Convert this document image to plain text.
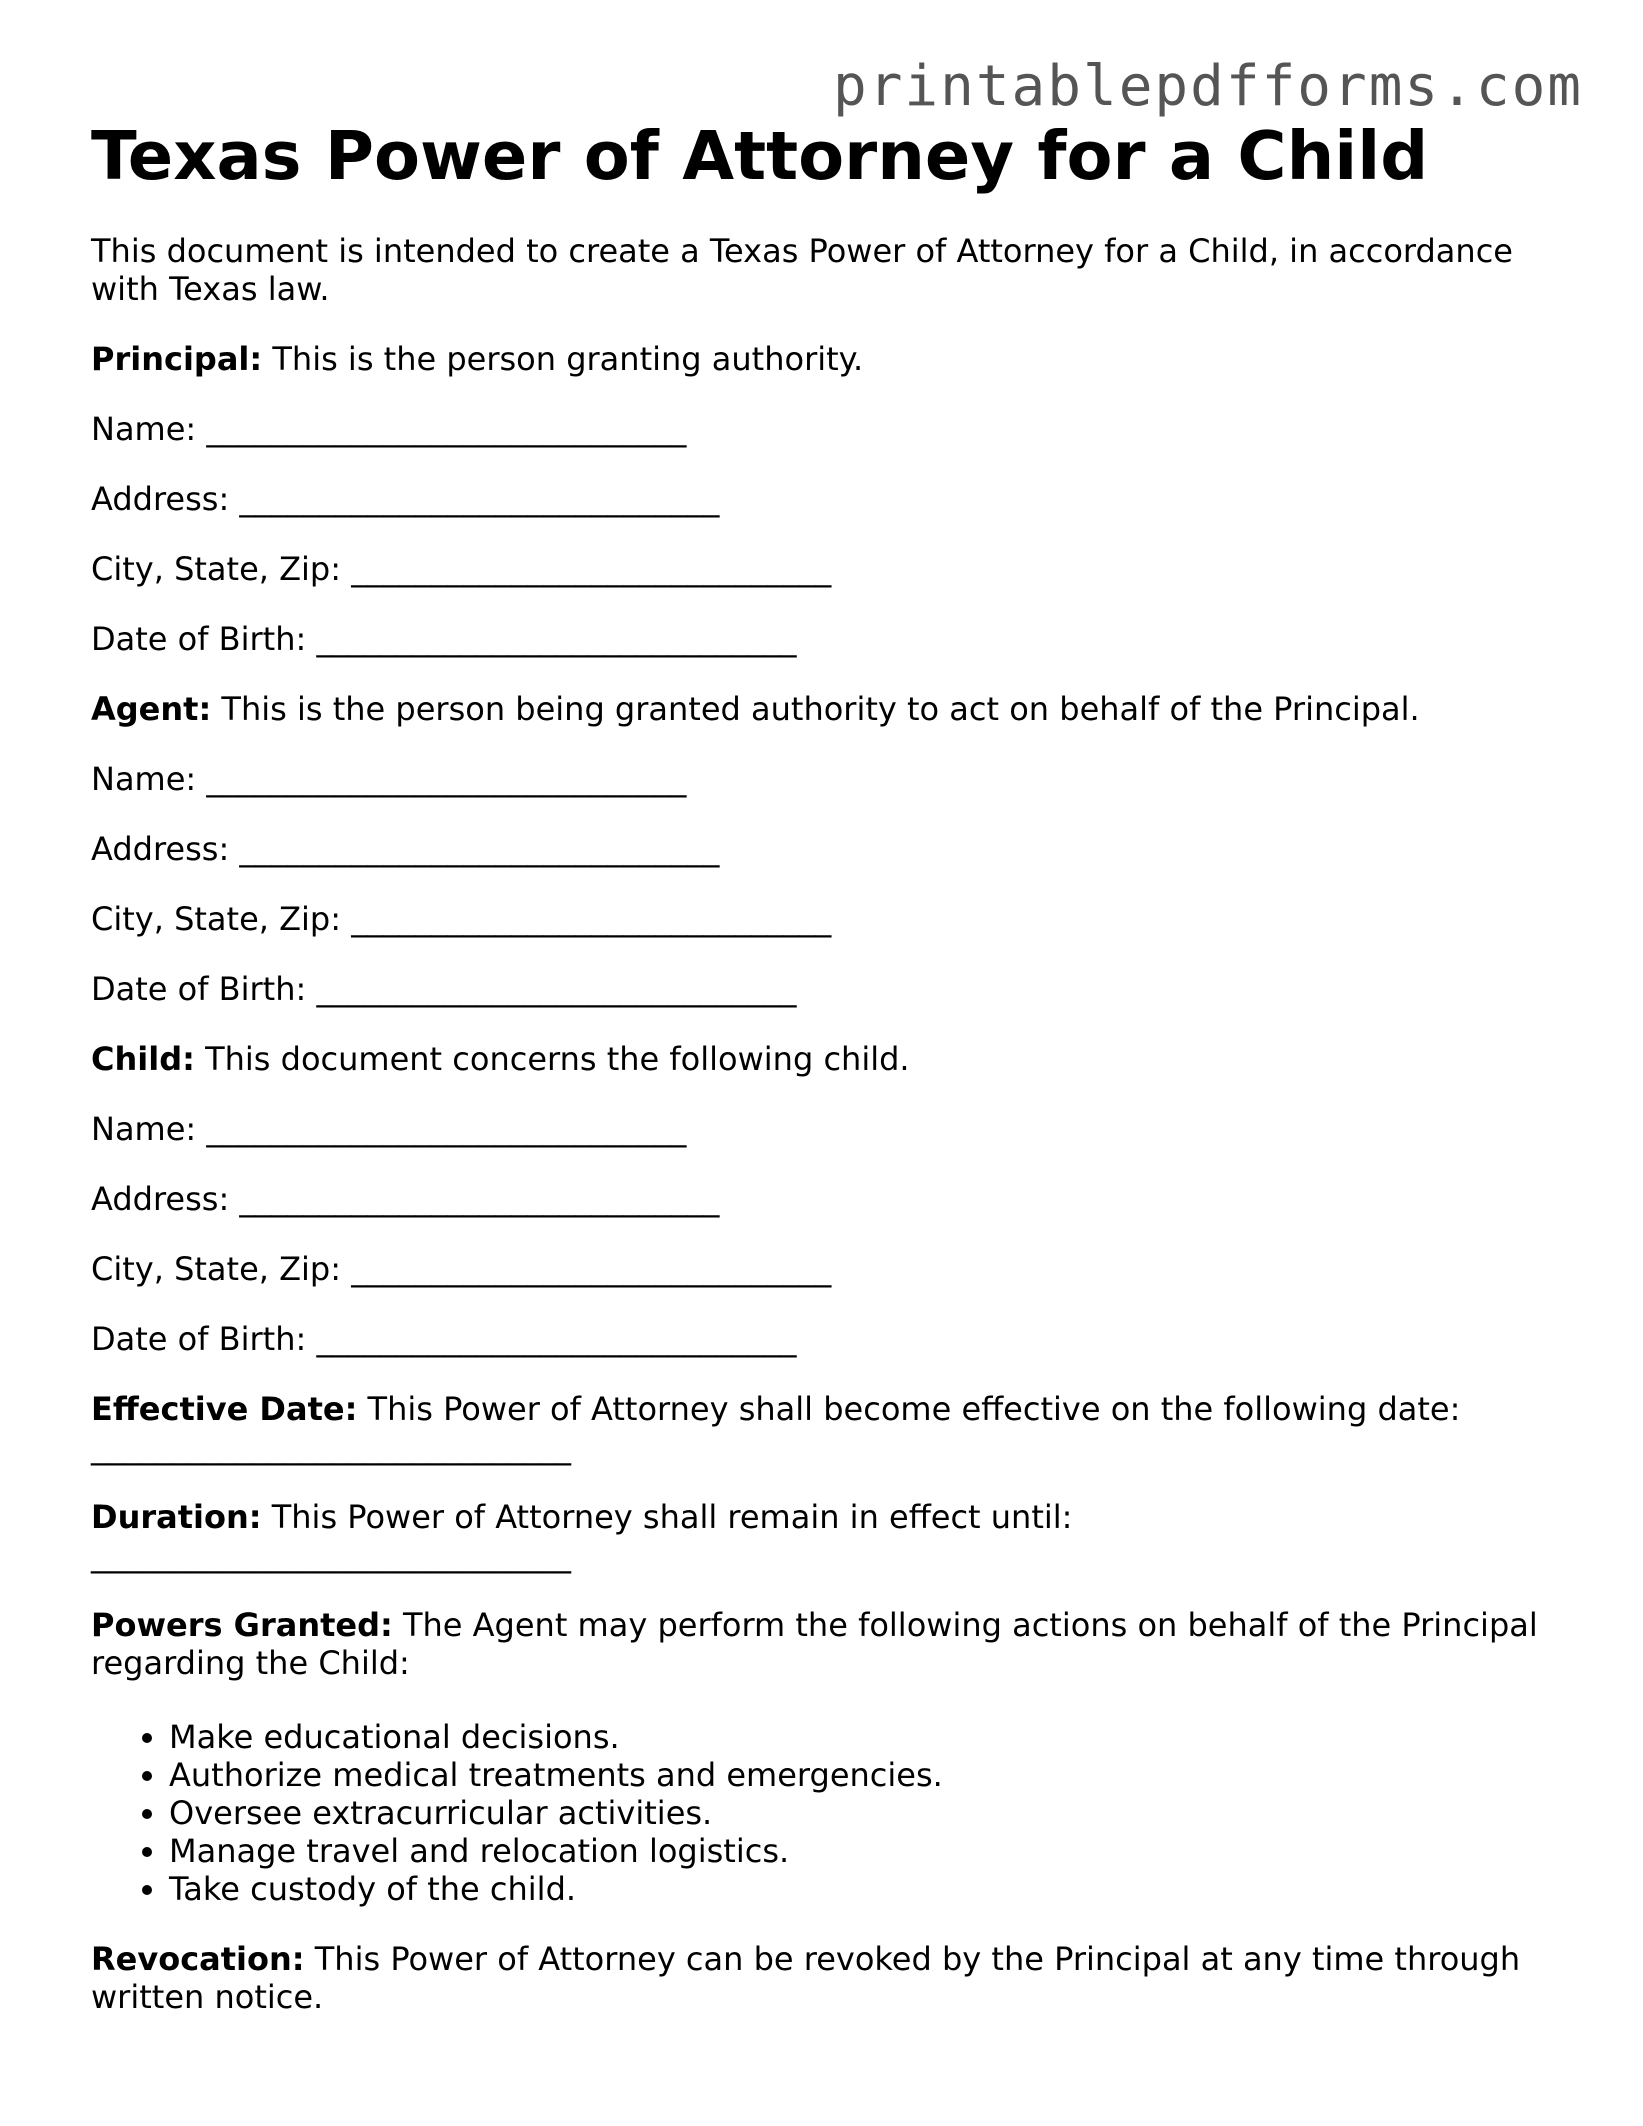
printablepdfforms.com
Texas Power of Attorney for a Child

This document is intended to create a Texas Power of Attorney for a Child, in accordance with Texas law.

Principal: This is the person granting authority.

Name: ______________________________

Address: ______________________________

City, State, Zip: ______________________________

Date of Birth: ______________________________

Agent: This is the person being granted authority to act on behalf of the Principal.

Name: ______________________________

Address: ______________________________

City, State, Zip: ______________________________

Date of Birth: ______________________________

Child: This document concerns the following child.

Name: ______________________________

Address: ______________________________

City, State, Zip: ______________________________

Date of Birth: ______________________________

Effective Date: This Power of Attorney shall become effective on the following date:
______________________________

Duration: This Power of Attorney shall remain in effect until:
______________________________

Powers Granted: The Agent may perform the following actions on behalf of the Principal regarding the Child:

• Make educational decisions.
• Authorize medical treatments and emergencies.
• Oversee extracurricular activities.
• Manage travel and relocation logistics.
• Take custody of the child.

Revocation: This Power of Attorney can be revoked by the Principal at any time through written notice.
